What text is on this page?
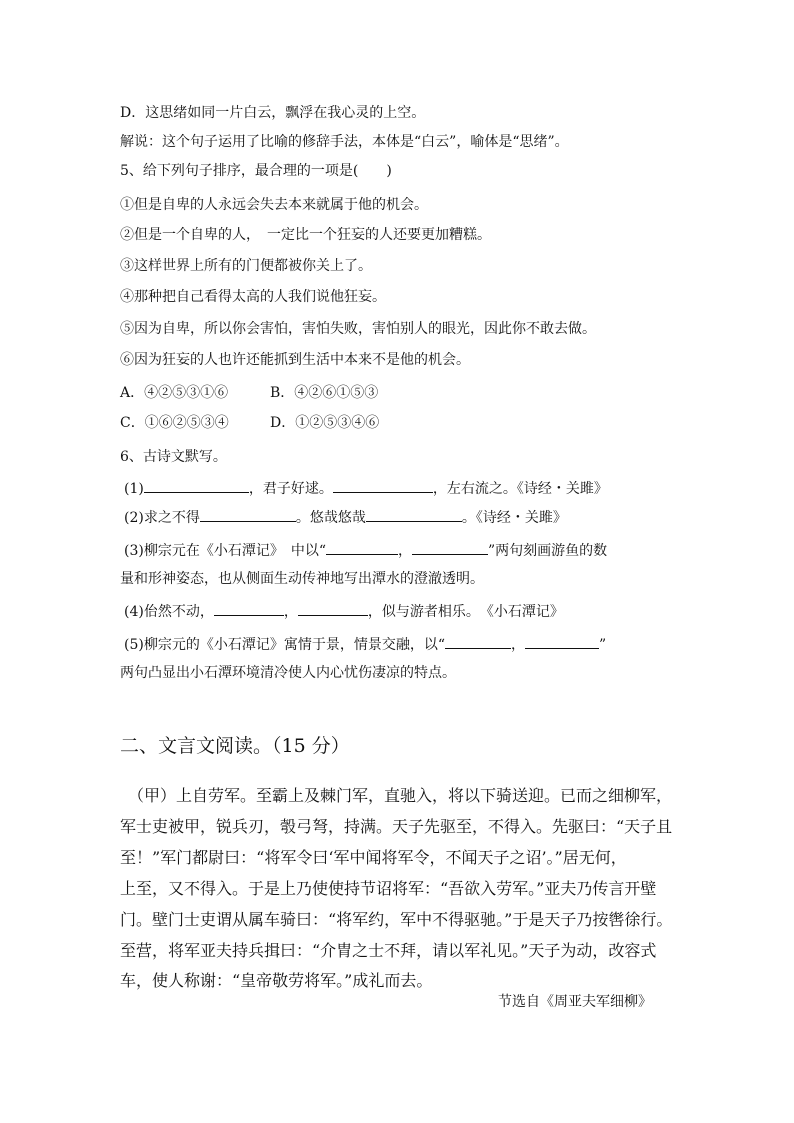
D．这思绪如同一片白云，飘浮在我心灵的上空。

解说：这个句子运用了比喻的修辞手法，本体是“白云”，喻体是“思绪”。

5、给下列句子排序，最合理的一项是(　　)

①但是自卑的人永远会失去本来就属于他的机会。

②但是一个自卑的人，　一定比一个狂妄的人还要更加糟糕。

③这样世界上所有的门便都被你关上了。

④那种把自己看得太高的人我们说他狂妄。

⑤因为自卑，所以你会害怕，害怕失败，害怕别人的眼光，因此你不敢去做。

⑥因为狂妄的人也许还能抓到生活中本来不是他的机会。

A．④②⑤③①⑥	B．④②⑥①⑤③

C．①⑥②⑤③④	D．①②⑤③④⑥

6、古诗文默写。

(1)	，君子好逑。	，左右流之。《诗经・关雎》

(2)求之不得	。悠哉悠哉	。《诗经・关雎》

(3)柳宗元在《小石潭记》　中以“	，	”两句刻画游鱼的数

量和形神姿态，也从侧面生动传神地写出潭水的澄澈透明。

(4)佁然不动，	，	，似与游者相乐。　《小石潭记》

(5)柳宗元的《小石潭记》寓情于景，情景交融，以“	，	”

两句凸显出小石潭环境清冷使人内心忧伤凄凉的特点。

二、文言文阅读。（15 分）

　（甲）上自劳军。至霸上及棘门军，直驰入，将以下骑送迎。已而之细柳军，

军士吏被甲，锐兵刃，彀弓弩，持满。天子先驱至，不得入。先驱曰：“天子且

至！”军门都尉曰：“将军令曰‘军中闻将军令，不闻天子之诏’。”居无何，

上至，又不得入。于是上乃使使持节诏将军：“吾欲入劳军。”亚夫乃传言开壁

门。壁门士吏谓从属车骑曰：“将军约，军中不得驱驰。”于是天子乃按辔徐行。

至营，将军亚夫持兵揖曰：“介胄之士不拜，请以军礼见。”天子为动，改容式

车，使人称谢：“皇帝敬劳将军。”成礼而去。

节选自《周亚夫军细柳》
